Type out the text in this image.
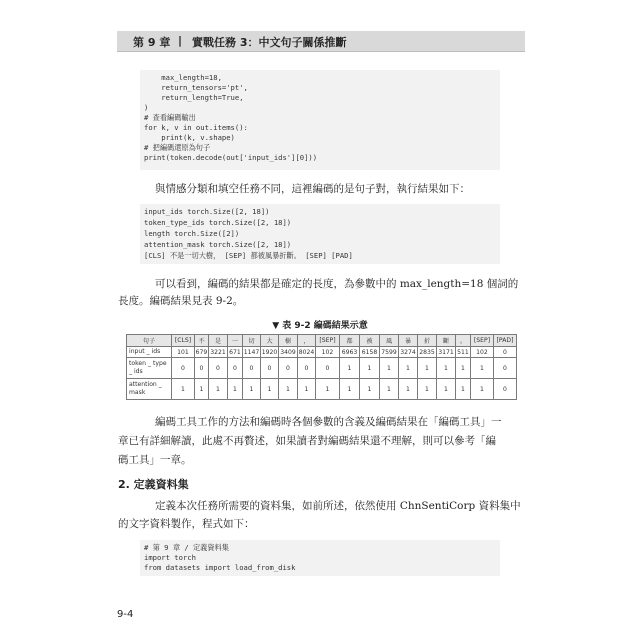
第 9 章 | 實戰任務 3：中文句子關係推斷
max_length=18,
return_tensors='pt',
return_length=True,
)
# 查看編碼輸出
for k, v in out.items():
print(k, v.shape)
# 把編碼還原為句子
print(token.decode(out['input_ids'][0]))
與情感分類和填空任務不同，這裡編碼的是句子對，執行結果如下：
input_ids torch.Size([2, 18])
token_type_ids torch.Size([2, 18])
length torch.Size([2])
attention_mask torch.Size([2, 18])
[CLS] 不是一切大樹， [SEP] 都被風暴折斷。 [SEP] [PAD]
可以看到，編碼的結果都是確定的長度，為參數中的 max_length=18 個詞的
長度。編碼結果見表 9-2。
▼ 表 9-2 編碼結果示意
句子	[CLS]	不	是	一	切	大	樹	，	[SEP]	都	被	風	暴	折	斷	。	[SEP]	[PAD]
input _ ids	101	679	3221	671	1147	1920	3409	8024	102	6963	6158	7599	3274	2835	3171	511	102	0
token _ type _ ids	0	0	0	0	0	0	0	0	0	1	1	1	1	1	1	1	1	0
attention _ mask	1	1	1	1	1	1	1	1	1	1	1	1	1	1	1	1	1	0
編碼工具工作的方法和編碼時各個參數的含義及編碼結果在「編碼工具」一
章已有詳細解讀，此處不再贅述，如果讀者對編碼結果還不理解，則可以參考「編
碼工具」一章。
2. 定義資料集
定義本次任務所需要的資料集，如前所述，依然使用 ChnSentiCorp 資料集中
的文字資料製作，程式如下：
# 第 9 章 / 定義資料集
import torch
from datasets import load_from_disk
9-4
